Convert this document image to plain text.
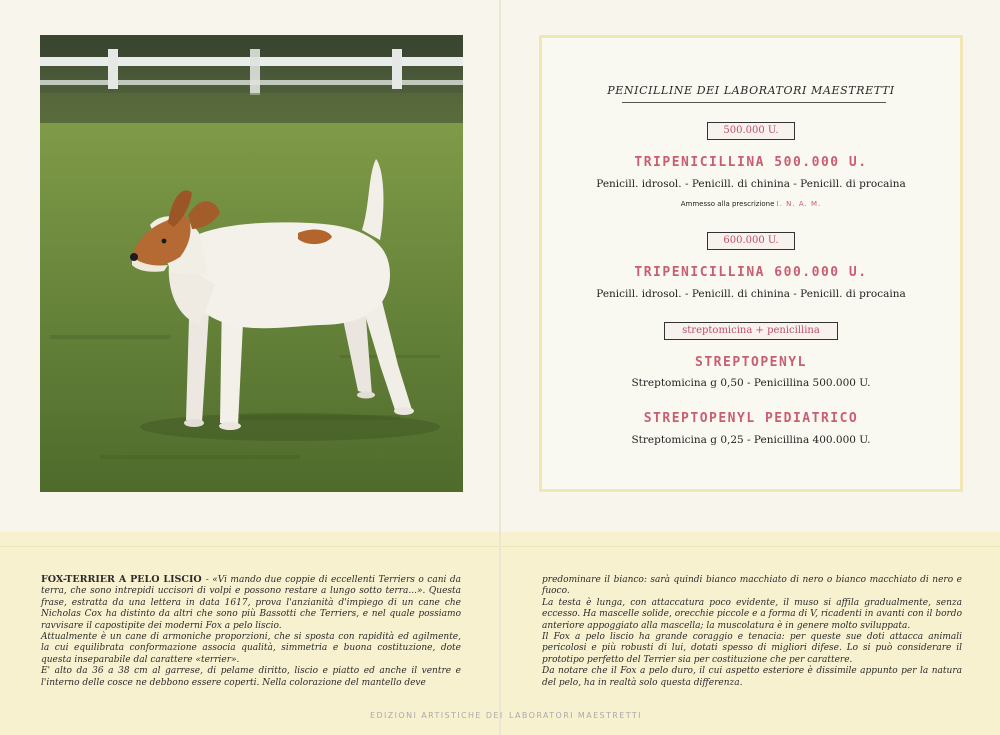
PENICILLINE DEI LABORATORI MAESTRETTI
500.000 U.
TRIPENICILLINA 500.000 U.
Penicill. idrosol. - Penicill. di chinina - Penicill. di procaina
Ammesso alla prescrizione I. N. A. M.
600.000 U.
TRIPENICILLINA 600.000 U.
Penicill. idrosol. - Penicill. di chinina - Penicill. di procaina
streptomicina + penicillina
STREPTOPENYL
Streptomicina g 0,50 - Penicillina 500.000 U.
STREPTOPENYL PEDIATRICO
Streptomicina g 0,25 - Penicillina 400.000 U.

FOX-TERRIER A PELO LISCIO - «Vi mando due coppie di eccellenti Terriers o cani da terra, che sono intrepidi uccisori di volpi e possono restare a lungo sotto terra...». Questa frase, estratta da una lettera in data 1617, prova l'anzianità d'impiego di un cane che Nicholas Cox ha distinto da altri che sono più Bassotti che Terriers, e nel quale possiamo ravvisare il capostipite dei moderni Fox a pelo liscio.

Attualmente è un cane di armoniche proporzioni, che si sposta con rapidità ed agilmente, la cui equilibrata conformazione associa qualità, simmetria e buona costituzione, dote questa inseparabile dal carattere «terrier».

E' alto da 36 a 38 cm al garrese, di pelame diritto, liscio e piatto ed anche il ventre e l'interno delle cosce ne debbono essere coperti. Nella colorazione del mantello deve

predominare il bianco: sarà quindi bianco macchiato di nero o bianco macchiato di nero e fuoco.

La testa è lunga, con attaccatura poco evidente, il muso si affila gradualmente, senza eccesso. Ha mascelle solide, orecchie piccole e a forma di V, ricadenti in avanti con il bordo anteriore appoggiato alla mascella; la muscolatura è in genere molto sviluppata.

Il Fox a pelo liscio ha grande coraggio e tenacia: per queste sue doti attacca animali pericolosi e più robusti di lui, dotati spesso di migliori difese. Lo si può considerare il prototipo perfetto del Terrier sia per costituzione che per carattere.

Da notare che il Fox a pelo duro, il cui aspetto esteriore è dissimile appunto per la natura del pelo, ha in realtà solo questa differenza.

EDIZIONI ARTISTICHE DEI LABORATORI MAESTRETTI
